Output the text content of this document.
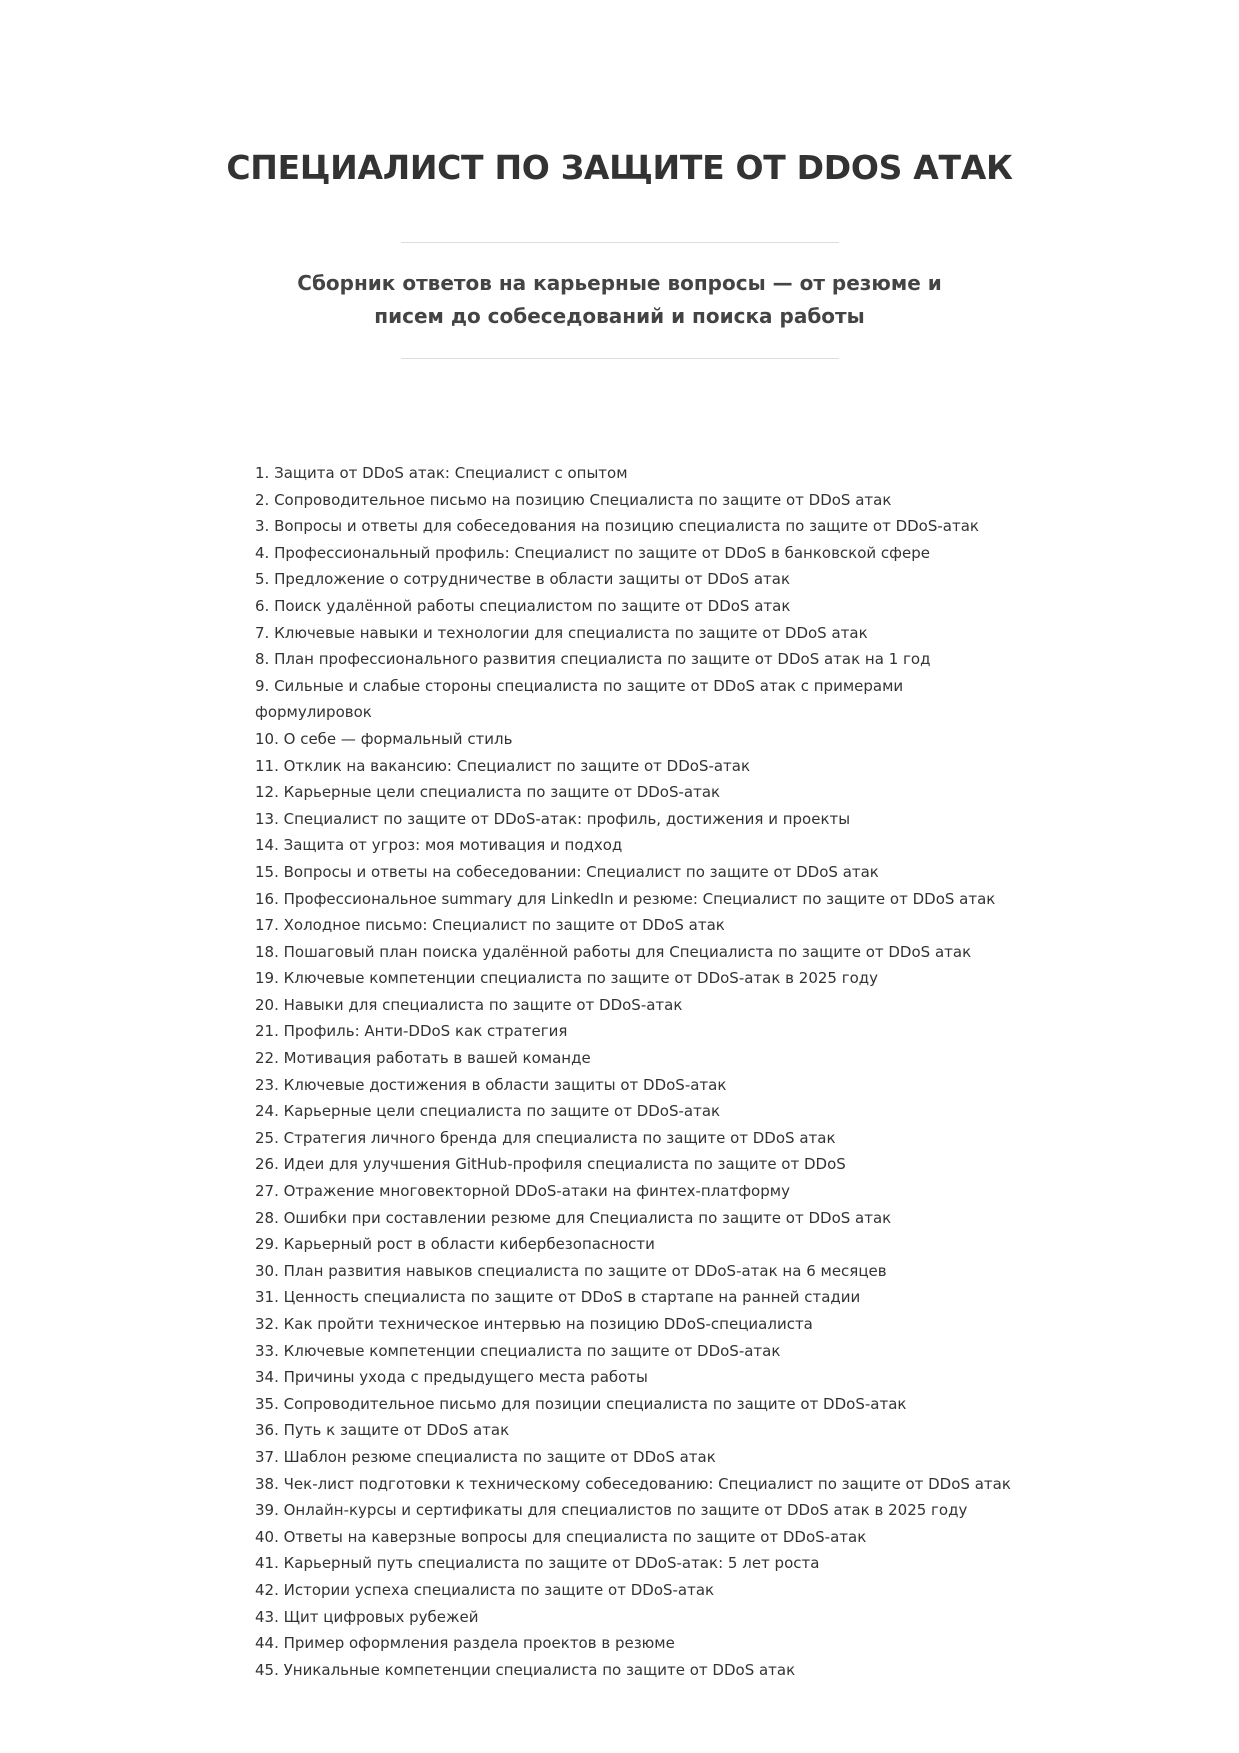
СПЕЦИАЛИСТ ПО ЗАЩИТЕ ОТ DDOS АТАК

Сборник ответов на карьерные вопросы — от резюме и писем до собеседований и поиска работы

1. Защита от DDoS атак: Специалист с опытом
2. Сопроводительное письмо на позицию Специалиста по защите от DDoS атак
3. Вопросы и ответы для собеседования на позицию специалиста по защите от DDoS-атак
4. Профессиональный профиль: Специалист по защите от DDoS в банковской сфере
5. Предложение о сотрудничестве в области защиты от DDoS атак
6. Поиск удалённой работы специалистом по защите от DDoS атак
7. Ключевые навыки и технологии для специалиста по защите от DDoS атак
8. План профессионального развития специалиста по защите от DDoS атак на 1 год
9. Сильные и слабые стороны специалиста по защите от DDoS атак с примерами формулировок
10. О себе — формальный стиль
11. Отклик на вакансию: Специалист по защите от DDoS-атак
12. Карьерные цели специалиста по защите от DDoS-атак
13. Специалист по защите от DDoS-атак: профиль, достижения и проекты
14. Защита от угроз: моя мотивация и подход
15. Вопросы и ответы на собеседовании: Специалист по защите от DDoS атак
16. Профессиональное summary для LinkedIn и резюме: Специалист по защите от DDoS атак
17. Холодное письмо: Специалист по защите от DDoS атак
18. Пошаговый план поиска удалённой работы для Специалиста по защите от DDoS атак
19. Ключевые компетенции специалиста по защите от DDoS-атак в 2025 году
20. Навыки для специалиста по защите от DDoS-атак
21. Профиль: Анти-DDoS как стратегия
22. Мотивация работать в вашей команде
23. Ключевые достижения в области защиты от DDoS-атак
24. Карьерные цели специалиста по защите от DDoS-атак
25. Стратегия личного бренда для специалиста по защите от DDoS атак
26. Идеи для улучшения GitHub-профиля специалиста по защите от DDoS
27. Отражение многовекторной DDoS-атаки на финтех-платформу
28. Ошибки при составлении резюме для Специалиста по защите от DDoS атак
29. Карьерный рост в области кибербезопасности
30. План развития навыков специалиста по защите от DDoS-атак на 6 месяцев
31. Ценность специалиста по защите от DDoS в стартапе на ранней стадии
32. Как пройти техническое интервью на позицию DDoS-специалиста
33. Ключевые компетенции специалиста по защите от DDoS-атак
34. Причины ухода с предыдущего места работы
35. Сопроводительное письмо для позиции специалиста по защите от DDoS-атак
36. Путь к защите от DDoS атак
37. Шаблон резюме специалиста по защите от DDoS атак
38. Чек-лист подготовки к техническому собеседованию: Специалист по защите от DDoS атак
39. Онлайн-курсы и сертификаты для специалистов по защите от DDoS атак в 2025 году
40. Ответы на каверзные вопросы для специалиста по защите от DDoS-атак
41. Карьерный путь специалиста по защите от DDoS-атак: 5 лет роста
42. Истории успеха специалиста по защите от DDoS-атак
43. Щит цифровых рубежей
44. Пример оформления раздела проектов в резюме
45. Уникальные компетенции специалиста по защите от DDoS атак
